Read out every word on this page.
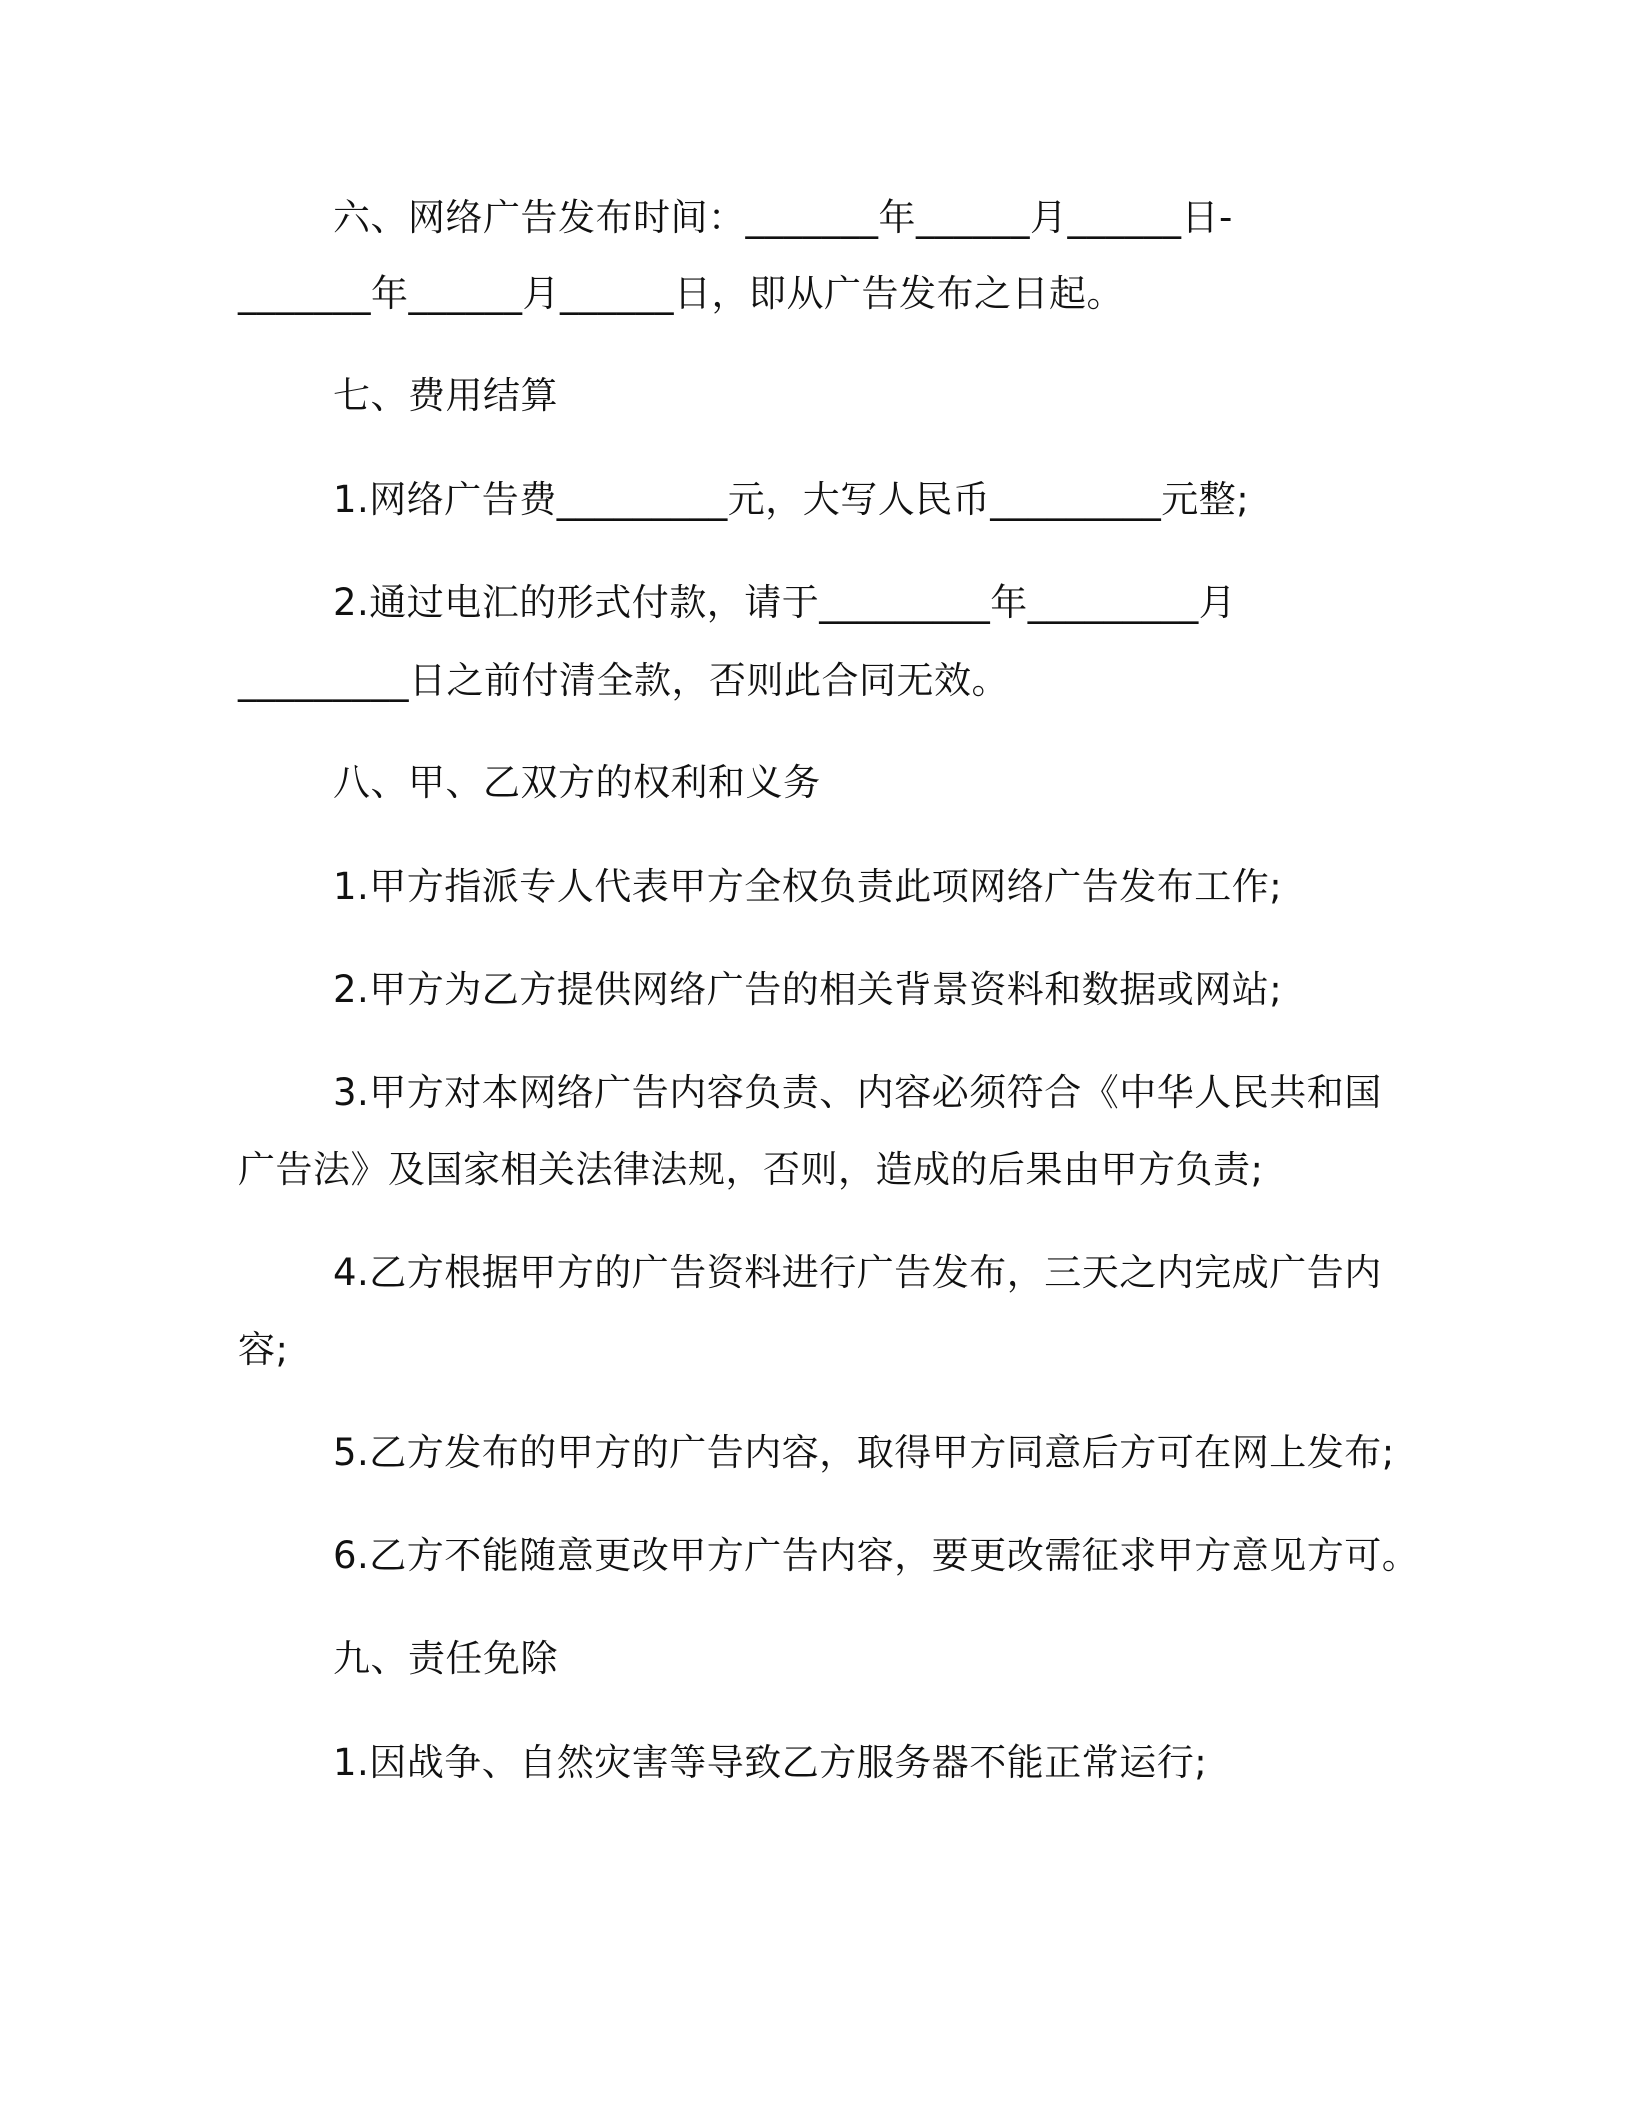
六、网络广告发布时间：_______年______月______日-
_______年______月______日，即从广告发布之日起。
七、费用结算
1.网络广告费_________元，大写人民币_________元整;
2.通过电汇的形式付款，请于_________年_________月
_________日之前付清全款，否则此合同无效。
八、甲、乙双方的权利和义务
1.甲方指派专人代表甲方全权负责此项网络广告发布工作;
2.甲方为乙方提供网络广告的相关背景资料和数据或网站;
3.甲方对本网络广告内容负责、内容必须符合《中华人民共和国
广告法》及国家相关法律法规，否则，造成的后果由甲方负责;
4.乙方根据甲方的广告资料进行广告发布，三天之内完成广告内
容;
5.乙方发布的甲方的广告内容，取得甲方同意后方可在网上发布;
6.乙方不能随意更改甲方广告内容，要更改需征求甲方意见方可。
九、责任免除
1.因战争、自然灾害等导致乙方服务器不能正常运行;
